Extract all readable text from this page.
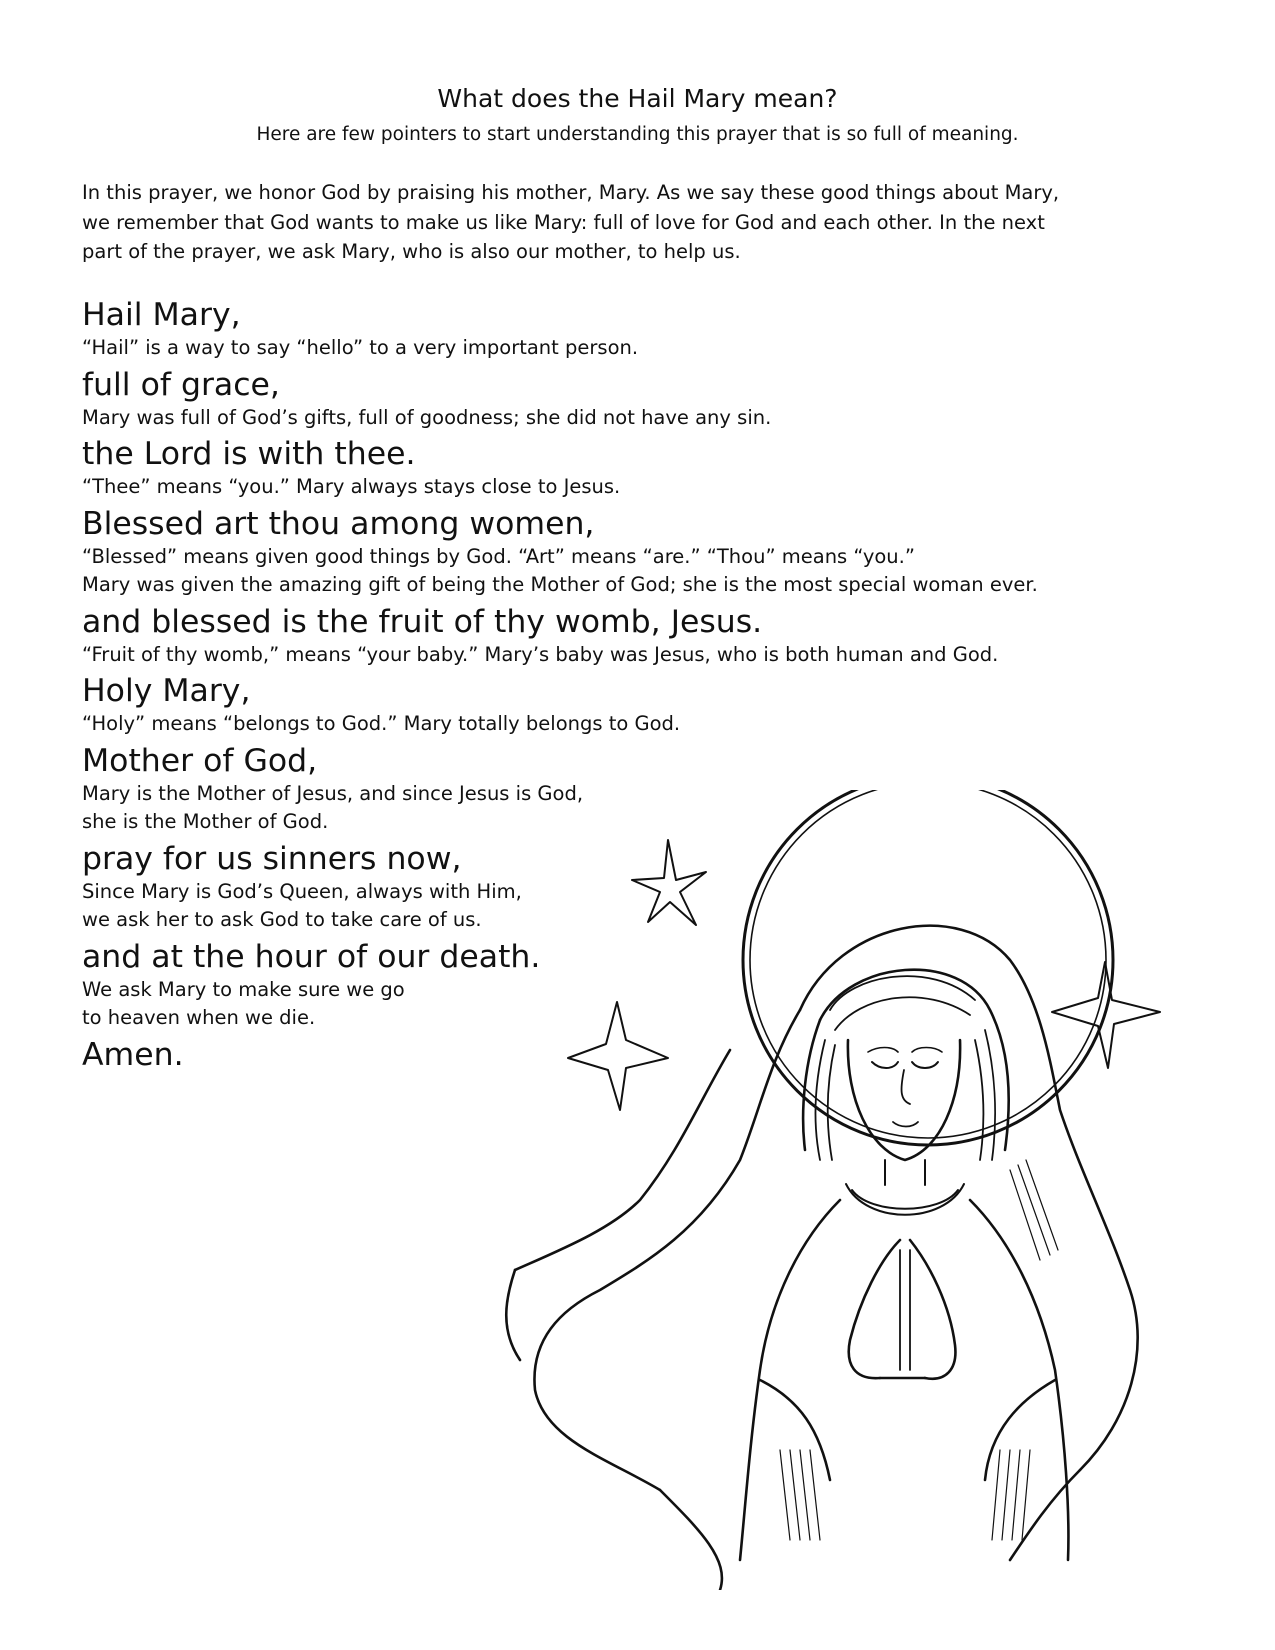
What does the Hail Mary mean?
Here are few pointers to start understanding this prayer that is so full of meaning.
In this prayer, we honor God by praising his mother, Mary. As we say these good things about Mary,
we remember that God wants to make us like Mary: full of love for God and each other. In the next
part of the prayer, we ask Mary, who is also our mother, to help us.
Hail Mary,
“Hail” is a way to say “hello” to a very important person.
full of grace,
Mary was full of God’s gifts, full of goodness; she did not have any sin.
the Lord is with thee.
“Thee” means “you.” Mary always stays close to Jesus.
Blessed art thou among women,
“Blessed” means given good things by God. “Art” means “are.” “Thou” means “you.”
Mary was given the amazing gift of being the Mother of God; she is the most special woman ever.
and blessed is the fruit of thy womb, Jesus.
“Fruit of thy womb,” means “your baby.” Mary’s baby was Jesus, who is both human and God.
Holy Mary,
“Holy” means “belongs to God.” Mary totally belongs to God.
Mother of God,
Mary is the Mother of Jesus, and since Jesus is God,
she is the Mother of God.
pray for us sinners now,
Since Mary is God’s Queen, always with Him,
we ask her to ask God to take care of us.
and at the hour of our death.
We ask Mary to make sure we go
to heaven when we die.
Amen.
